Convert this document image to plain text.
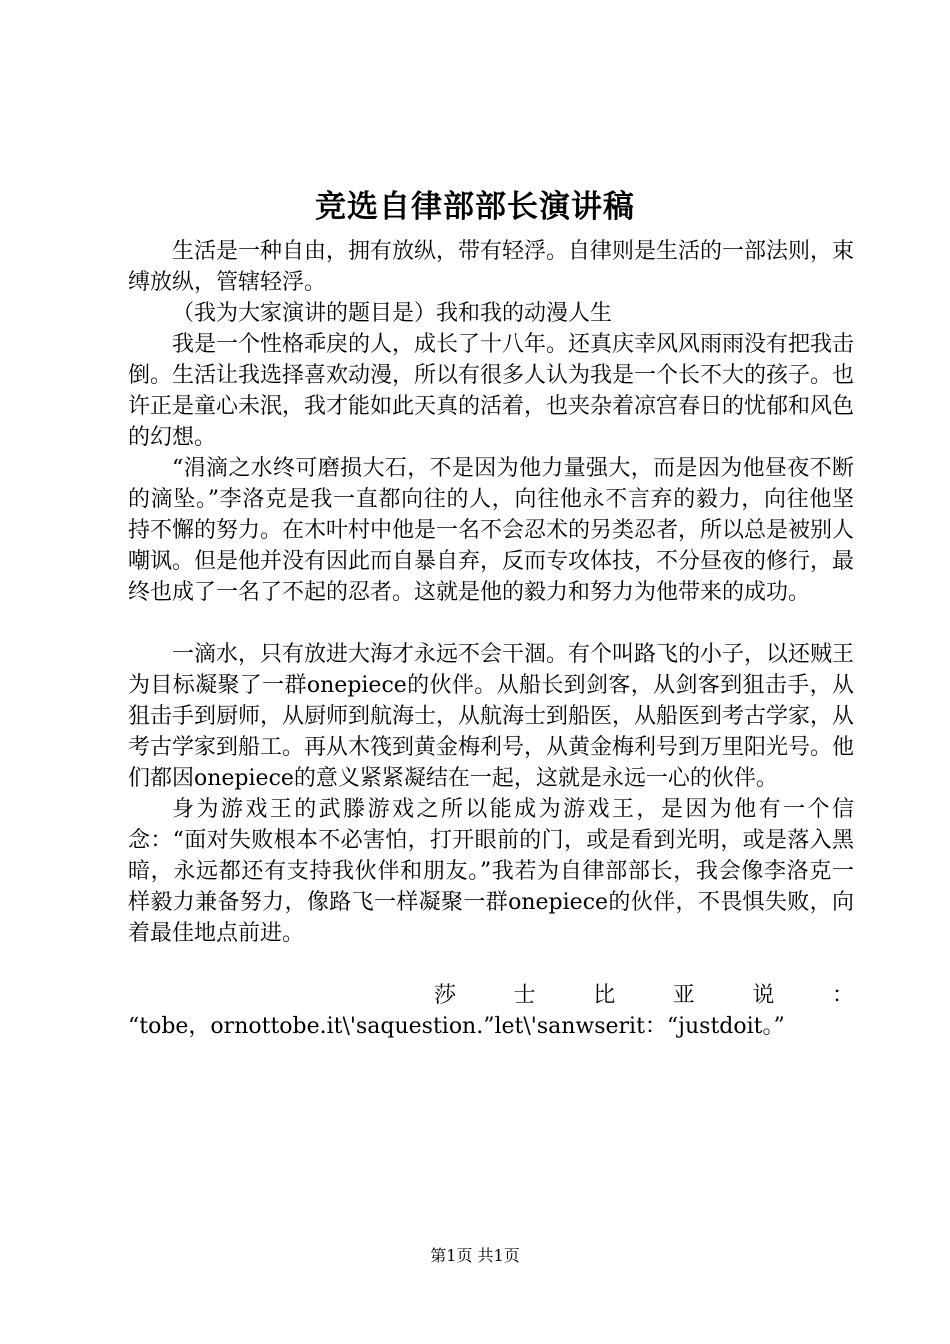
竞选自律部部长演讲稿

生活是一种自由，拥有放纵，带有轻浮。自律则是生活的一部法则，束缚放纵，管辖轻浮。

（我为大家演讲的题目是）我和我的动漫人生

我是一个性格乖戾的人，成长了十八年。还真庆幸风风雨雨没有把我击倒。生活让我选择喜欢动漫，所以有很多人认为我是一个长不大的孩子。也许正是童心未泯，我才能如此天真的活着，也夹杂着凉宫春日的忧郁和风色的幻想。

“涓滴之水终可磨损大石，不是因为他力量强大，而是因为他昼夜不断的滴坠。”李洛克是我一直都向往的人，向往他永不言弃的毅力，向往他坚持不懈的努力。在木叶村中他是一名不会忍术的另类忍者，所以总是被别人嘲讽。但是他并没有因此而自暴自弃，反而专攻体技，不分昼夜的修行，最终也成了一名了不起的忍者。这就是他的毅力和努力为他带来的成功。

一滴水，只有放进大海才永远不会干涸。有个叫路飞的小子，以还贼王为目标凝聚了一群onepiece的伙伴。从船长到剑客，从剑客到狙击手，从狙击手到厨师，从厨师到航海士，从航海士到船医，从船医到考古学家，从考古学家到船工。再从木筏到黄金梅利号，从黄金梅利号到万里阳光号。他们都因onepiece的意义紧紧凝结在一起，这就是永远一心的伙伴。

身为游戏王的武滕游戏之所以能成为游戏王，是因为他有一个信念：“面对失败根本不必害怕，打开眼前的门，或是看到光明，或是落入黑暗，永远都还有支持我伙伴和朋友。”我若为自律部部长，我会像李洛克一样毅力兼备努力，像路飞一样凝聚一群onepiece的伙伴，不畏惧失败，向着最佳地点前进。

莎士比亚说：

“tobe，ornottobe.it\'saquestion.”let\'sanwserit：“justdoit。”

第1页 共1页
